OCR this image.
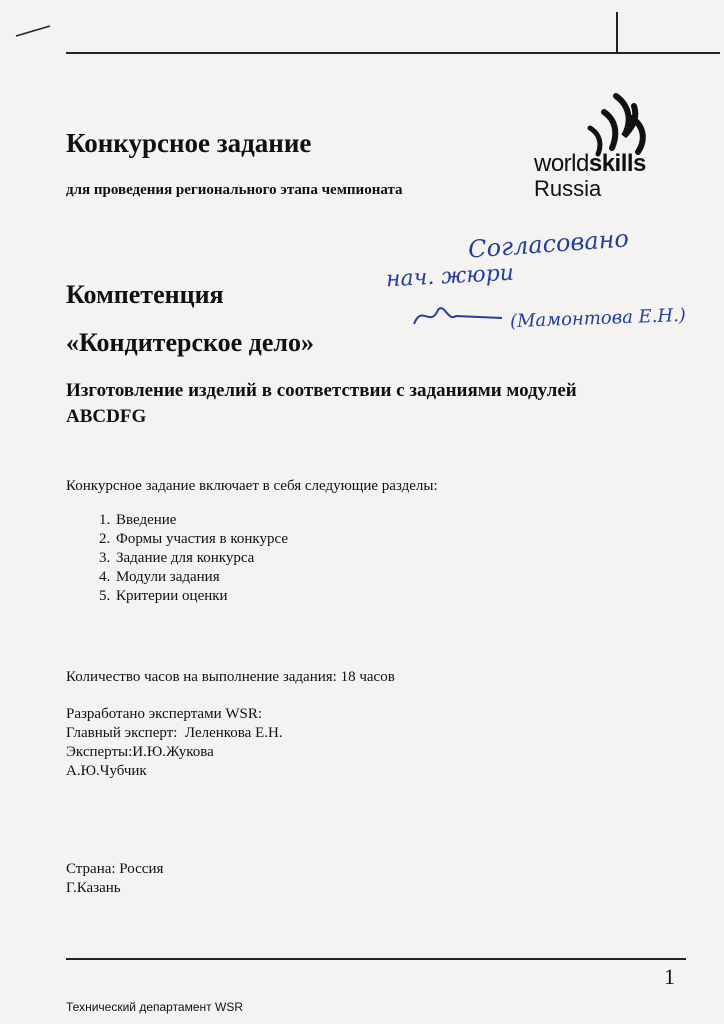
worldskills
Russia
Конкурсное задание
для проведения регионального этапа чемпионата
Согласовано
нач. жюри
(Мамонтова Е.Н.)
Компетенция
«Кондитерское дело»
Изготовление изделий в соответствии с заданиями модулей ABCDFG
Конкурсное задание включает в себя следующие разделы:
1. Введение
2. Формы участия в конкурсе
3. Задание для конкурса
4. Модули задания
5. Критерии оценки
Количество часов на выполнение задания: 18 часов
Разработано экспертами WSR:
Главный эксперт:  Леленкова Е.Н.
Эксперты:И.Ю.Жукова
А.Ю.Чубчик
Страна: Россия
Г.Казань
1
Технический департамент WSR
